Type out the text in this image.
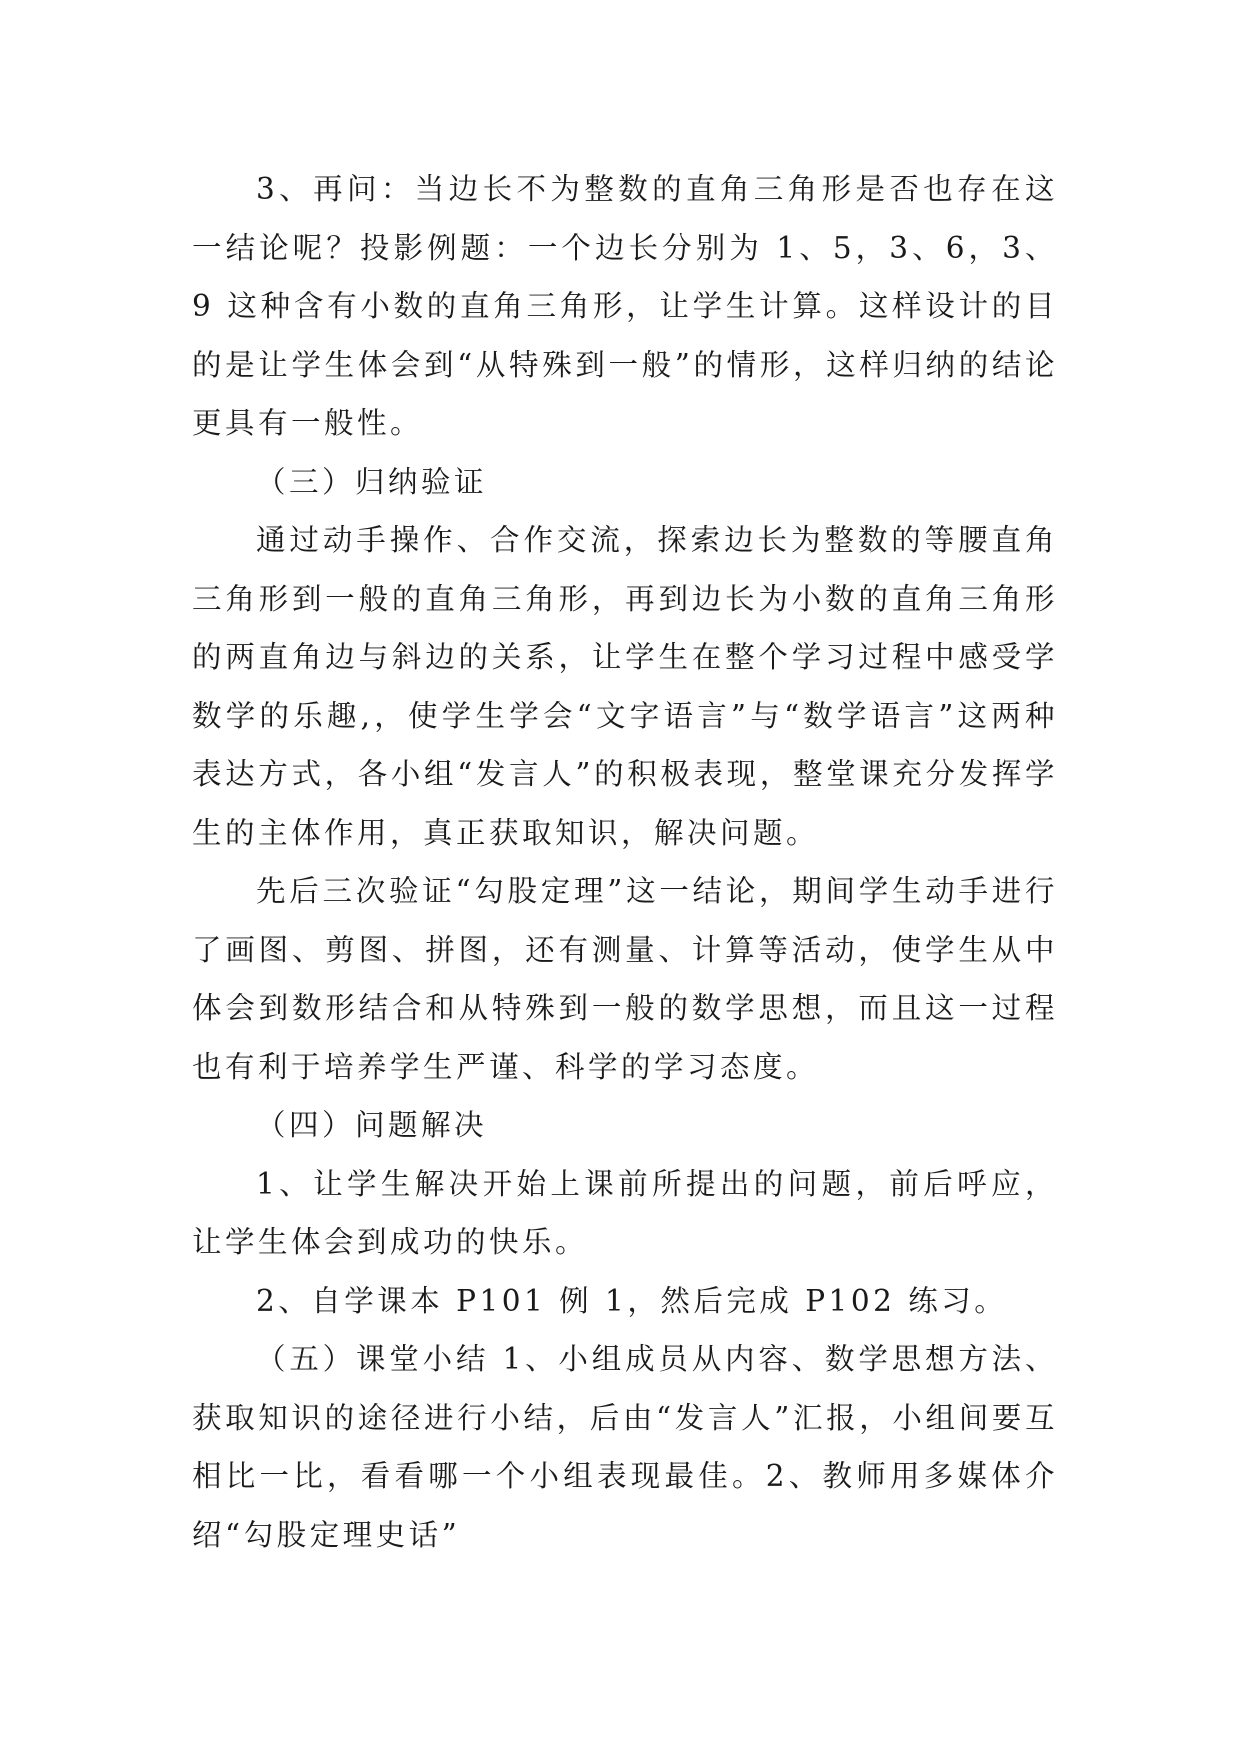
3、再问：当边长不为整数的直角三角形是否也存在这一结论呢？投影例题：一个边长分别为 1、5，3、6，3、9 这种含有小数的直角三角形，让学生计算。这样设计的目的是让学生体会到“从特殊到一般”的情形，这样归纳的结论更具有一般性。

（三）归纳验证

通过动手操作、合作交流，探索边长为整数的等腰直角三角形到一般的直角三角形，再到边长为小数的直角三角形的两直角边与斜边的关系，让学生在整个学习过程中感受学数学的乐趣,，使学生学会“文字语言”与“数学语言”这两种表达方式，各小组“发言人”的积极表现，整堂课充分发挥学生的主体作用，真正获取知识，解决问题。

先后三次验证“勾股定理”这一结论，期间学生动手进行了画图、剪图、拼图，还有测量、计算等活动，使学生从中体会到数形结合和从特殊到一般的数学思想，而且这一过程也有利于培养学生严谨、科学的学习态度。

（四）问题解决

1、让学生解决开始上课前所提出的问题，前后呼应，让学生体会到成功的快乐。

2、自学课本 P101 例 1，然后完成 P102 练习。

（五）课堂小结 1、小组成员从内容、数学思想方法、获取知识的途径进行小结，后由“发言人”汇报，小组间要互相比一比，看看哪一个小组表现最佳。2、教师用多媒体介绍“勾股定理史话”
